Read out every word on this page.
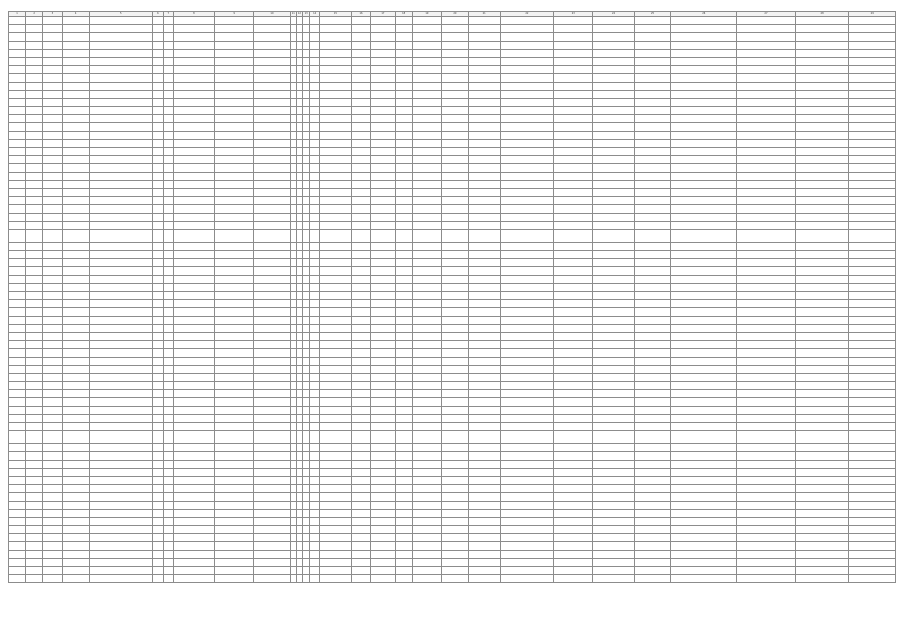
1	2	3	4	5	6	7	8	9	10	11	12	13	14	15	16	17	18	19	20	21	22	23	24	25	26	27	28	29
